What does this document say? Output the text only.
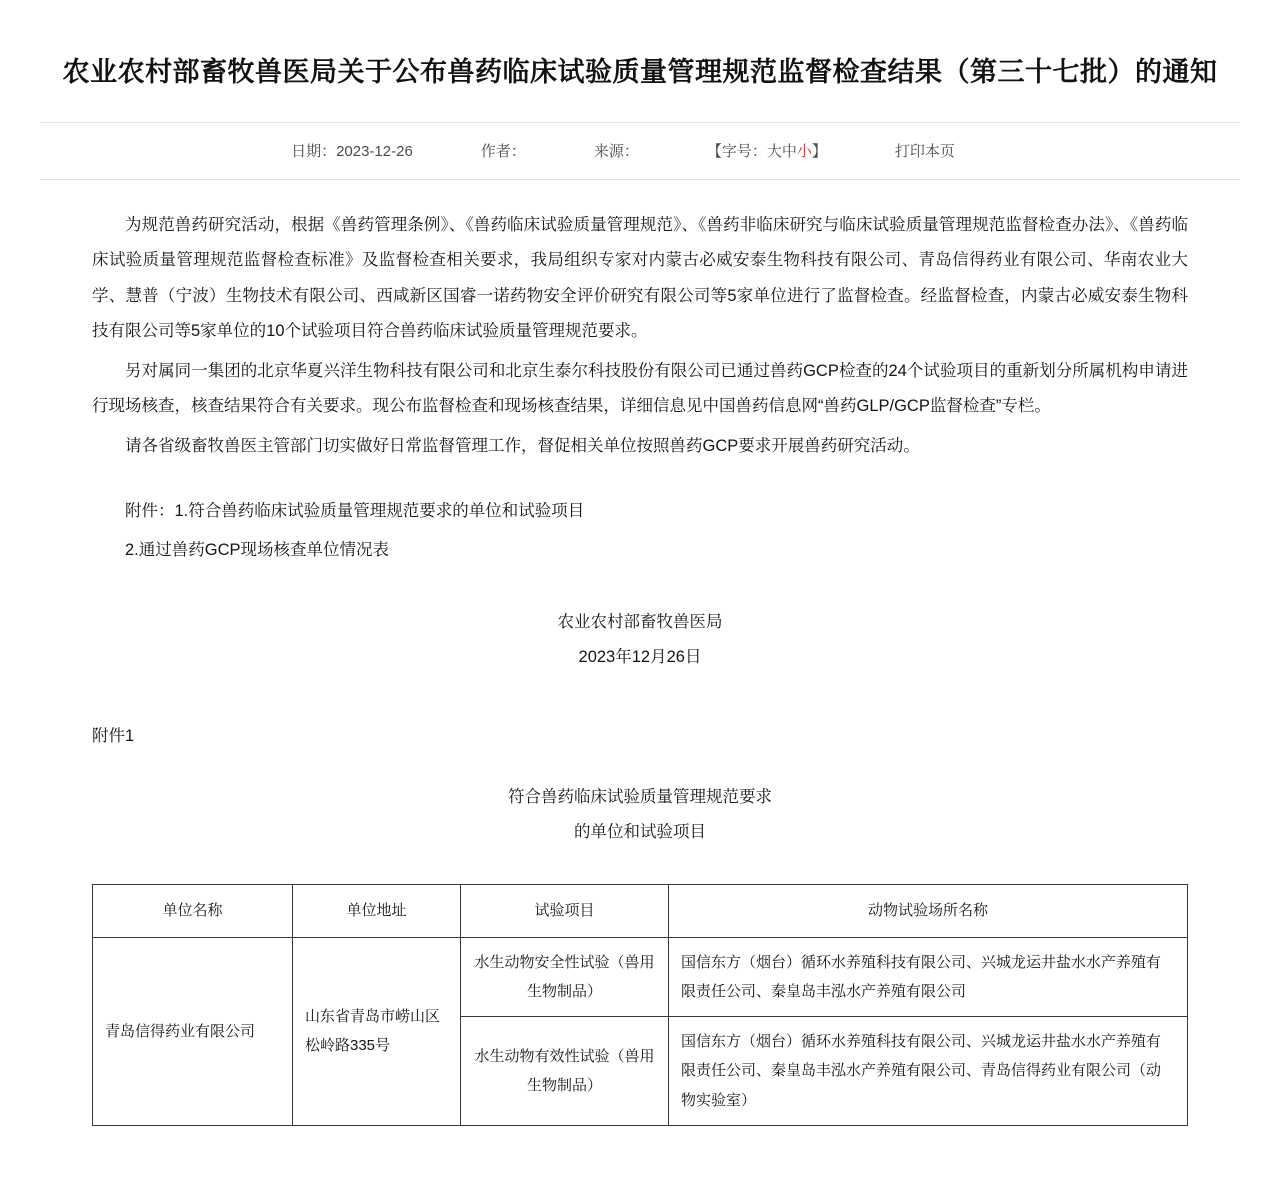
农业农村部畜牧兽医局关于公布兽药临床试验质量管理规范监督检查结果（第三十七批）的通知
日期：2023-12-26	作者：	来源：	【字号：大中小】	打印本页

为规范兽药研究活动，根据《兽药管理条例》、《兽药临床试验质量管理规范》、《兽药非临床研究与临床试验质量管理规范监督检查办法》、《兽药临床试验质量管理规范监督检查标准》及监督检查相关要求，我局组织专家对内蒙古必威安泰生物科技有限公司、青岛信得药业有限公司、华南农业大学、慧普（宁波）生物技术有限公司、西咸新区国睿一诺药物安全评价研究有限公司等5家单位进行了监督检查。经监督检查，内蒙古必威安泰生物科技有限公司等5家单位的10个试验项目符合兽药临床试验质量管理规范要求。

另对属同一集团的北京华夏兴洋生物科技有限公司和北京生泰尔科技股份有限公司已通过兽药GCP检查的24个试验项目的重新划分所属机构申请进行现场核查，核查结果符合有关要求。现公布监督检查和现场核查结果，详细信息见中国兽药信息网“兽药GLP/GCP监督检查”专栏。

请各省级畜牧兽医主管部门切实做好日常监督管理工作，督促相关单位按照兽药GCP要求开展兽药研究活动。

附件：1.符合兽药临床试验质量管理规范要求的单位和试验项目

2.通过兽药GCP现场核查单位情况表

农业农村部畜牧兽医局
2023年12月26日
附件1
符合兽药临床试验质量管理规范要求
的单位和试验项目
单位名称	单位地址	试验项目	动物试验场所名称
青岛信得药业有限公司	山东省青岛市崂山区松岭路335号	水生动物安全性试验（兽用生物制品）	国信东方（烟台）循环水养殖科技有限公司、兴城龙运井盐水水产养殖有限责任公司、秦皇岛丰泓水产养殖有限公司
		水生动物有效性试验（兽用生物制品）	国信东方（烟台）循环水养殖科技有限公司、兴城龙运井盐水水产养殖有限责任公司、秦皇岛丰泓水产养殖有限公司、青岛信得药业有限公司（动物实验室）
